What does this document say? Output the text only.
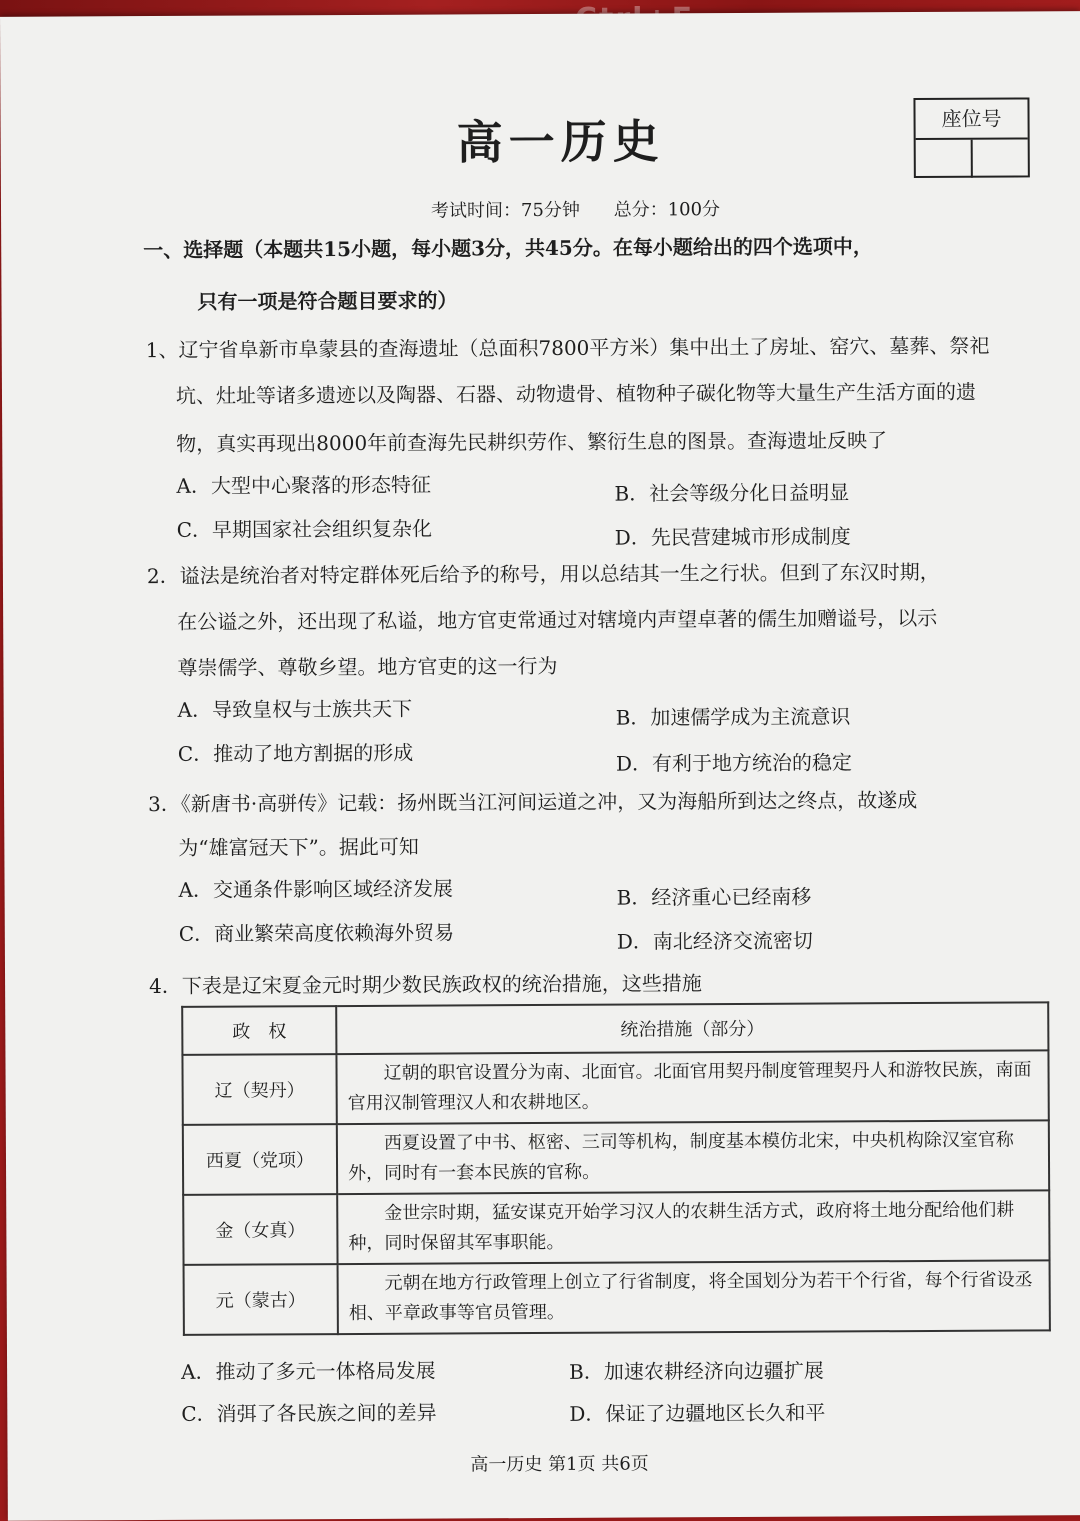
高一历史	座位号
考试时间：75分钟 总分：100分
一、选择题（本题共15小题，每小题3分，共45分。在每小题给出的四个选项中，
只有一项是符合题目要求的）
1、辽宁省阜新市阜蒙县的查海遗址（总面积7800平方米）集中出土了房址、窑穴、墓葬、祭祀
坑、灶址等诸多遗迹以及陶器、石器、动物遗骨、植物种子碳化物等大量生产生活方面的遗
物，真实再现出8000年前查海先民耕织劳作、繁衍生息的图景。查海遗址反映了
A．大型中心聚落的形态特征	B．社会等级分化日益明显
C．早期国家社会组织复杂化	D．先民营建城市形成制度
2．谥法是统治者对特定群体死后给予的称号，用以总结其一生之行状。但到了东汉时期，
在公谥之外，还出现了私谥，地方官吏常通过对辖境内声望卓著的儒生加赠谥号，以示
尊崇儒学、尊敬乡望。地方官吏的这一行为
A．导致皇权与士族共天下	B．加速儒学成为主流意识
C．推动了地方割据的形成	D．有利于地方统治的稳定
3．《新唐书·高骈传》记载：扬州既当江河间运道之冲，又为海船所到达之终点，故遂成
为“雄富冠天下”。据此可知
A．交通条件影响区域经济发展	B．经济重心已经南移
C．商业繁荣高度依赖海外贸易	D．南北经济交流密切
4．下表是辽宋夏金元时期少数民族政权的统治措施，这些措施
政　权	统治措施（部分）
辽（契丹）	辽朝的职官设置分为南、北面官。北面官用契丹制度管理契丹人和游牧民族，南面官用汉制管理汉人和农耕地区。
西夏（党项）	西夏设置了中书、枢密、三司等机构，制度基本模仿北宋，中央机构除汉室官称外，同时有一套本民族的官称。
金（女真）	金世宗时期，猛安谋克开始学习汉人的农耕生活方式，政府将土地分配给他们耕种，同时保留其军事职能。
元（蒙古）	元朝在地方行政管理上创立了行省制度，将全国划分为若干个行省，每个行省设丞相、平章政事等官员管理。
A．推动了多元一体格局发展	B．加速农耕经济向边疆扩展
C．消弭了各民族之间的差异	D．保证了边疆地区长久和平
高一历史 第1页 共6页
